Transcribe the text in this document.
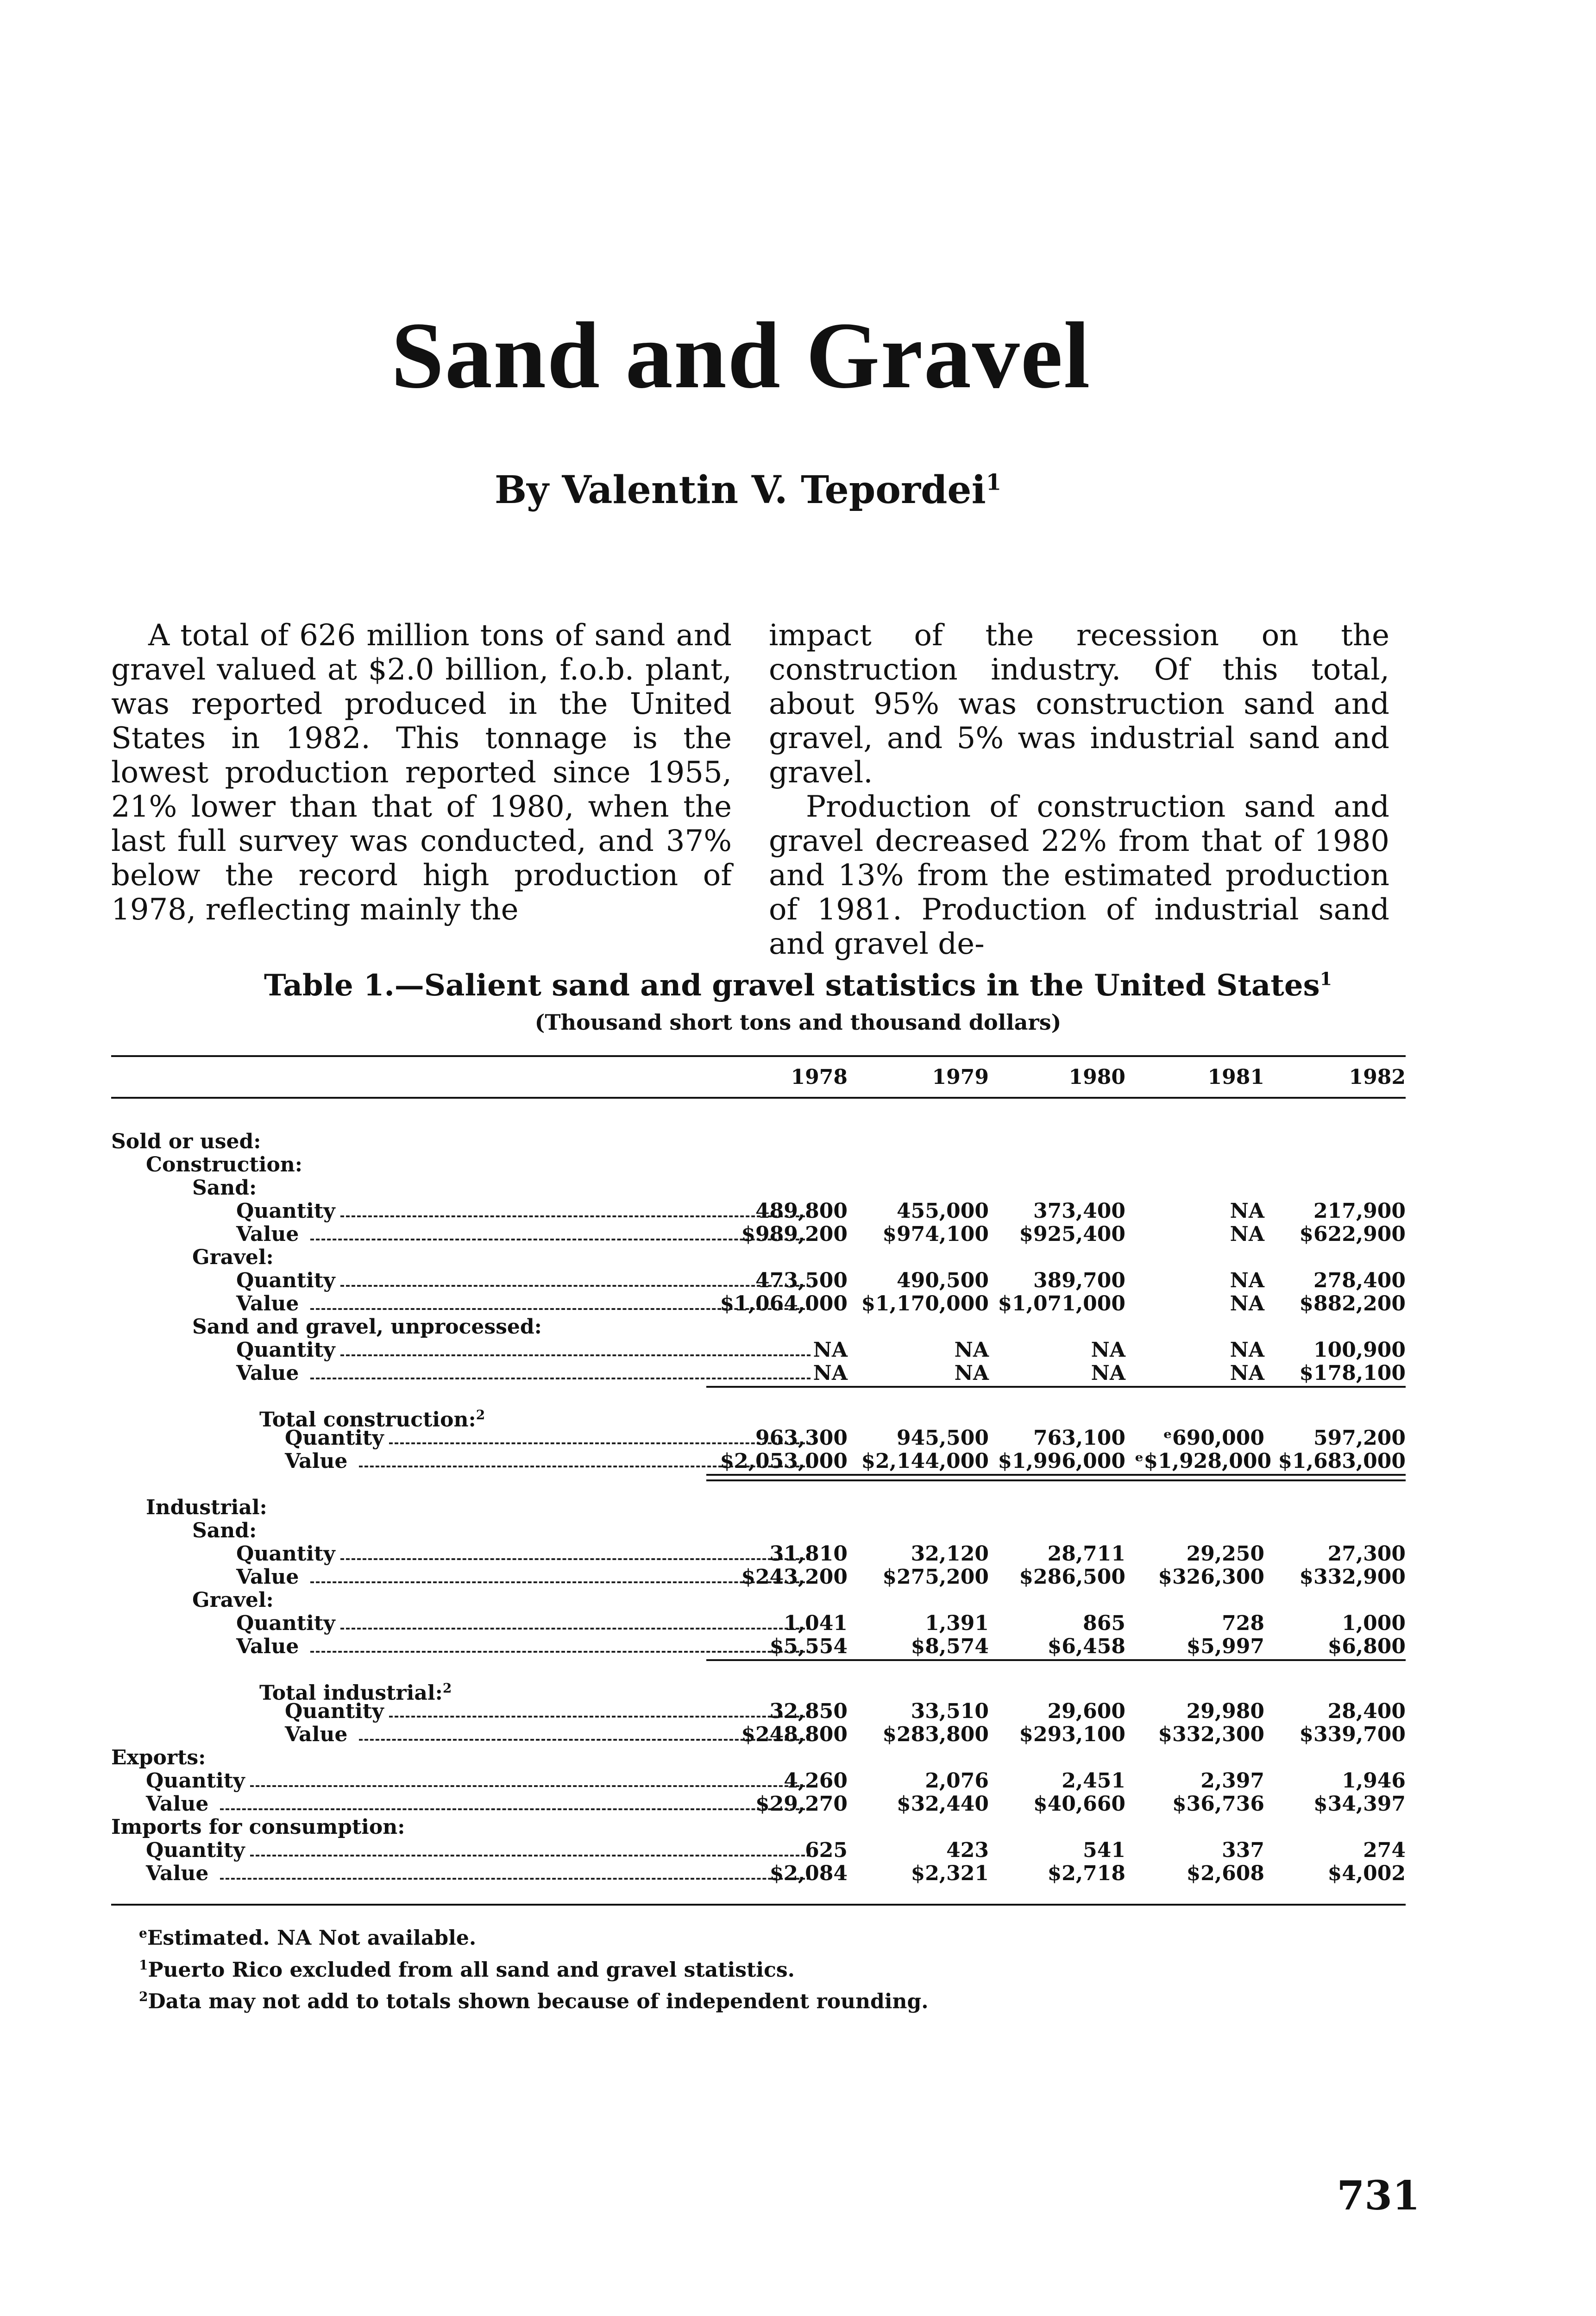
Sand and Gravel
By Valentin V. Tepordei$^1$

A total of 626 million tons of sand and gravel valued at $2.0 billion, f.o.b. plant, was reported produced in the United States in 1982. This tonnage is the lowest production reported since 1955, 21% lower than that of 1980, when the last full survey was conducted, and 37% below the record high production of 1978, reflecting mainly the

impact of the recession on the construction industry. Of this total, about 95% was construction sand and gravel, and 5% was industrial sand and gravel.

Production of construction sand and gravel decreased 22% from that of 1980 and 13% from the estimated production of 1981. Production of industrial sand and gravel de-

Table 1.—Salient sand and gravel statistics in the United States$^1$
(Thousand short tons and thousand dollars)
1978	1979	1980	1981	1982
Sold or used:
Construction:
Sand:
Quantity	489,800	455,000	373,400	NA	217,900
Value	$989,200	$974,100	$925,400	NA	$622,900
Gravel:
Quantity	473,500	490,500	389,700	NA	278,400
Value	$1,064,000 $1,170,000 $1,071,000	NA	$882,200
Sand and gravel, unprocessed:
Quantity	NA	NA	NA	NA	100,900
Value	NA	NA	NA	NA	$178,100
Total construction:$^2$
Quantity	963,300	945,500	763,100	ᵉ690,000	597,200
Value	$2,053,000 $2,144,000 $1,996,000 ᵉ$1,928,000 $1,683,000
Industrial:
Sand:
Quantity	31,810	32,120	28,711	29,250	27,300
Value	$243,200	$275,200	$286,500	$326,300	$332,900
Gravel:
Quantity	1,041	1,391	865	728	1,000
Value	$5,554	$8,574	$6,458	$5,997	$6,800
Total industrial:$^2$
Quantity	32,850	33,510	29,600	29,980	28,400
Value	$248,800	$283,800	$293,100	$332,300	$339,700
Exports:
Quantity	4,260	2,076	2,451	2,397	1,946
Value	$29,270	$32,440	$40,660	$36,736	$34,397
Imports for consumption:
Quantity	625	423	541	337	274
Value	$2,084	$2,321	$2,718	$2,608	$4,002
$^e$Estimated. NA Not available.
$^1$Puerto Rico excluded from all sand and gravel statistics.
$^2$Data may not add to totals shown because of independent rounding.
731
